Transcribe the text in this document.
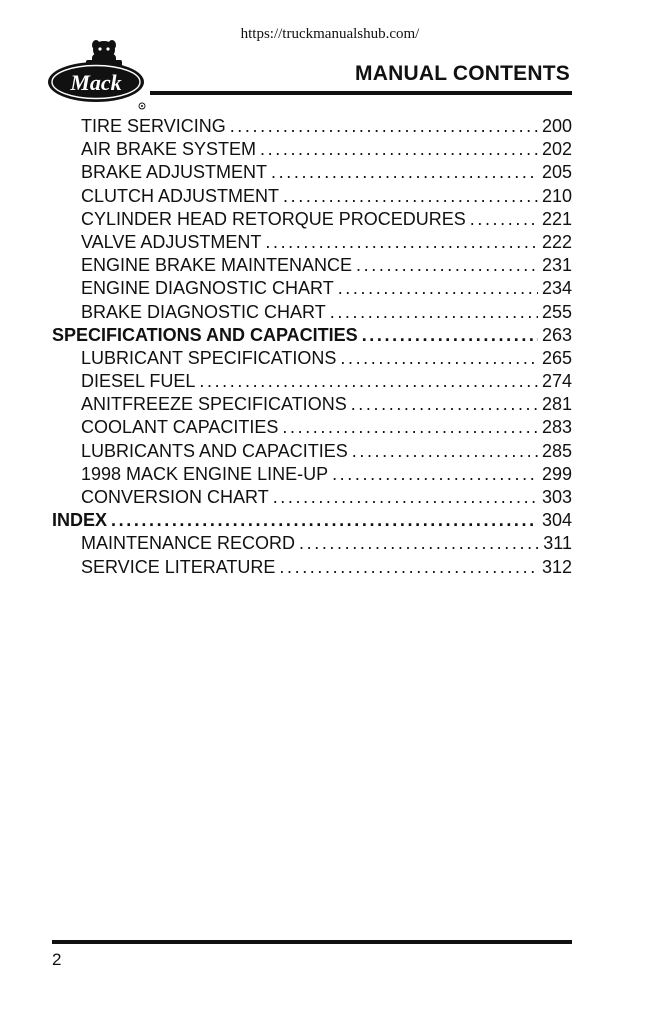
https://truckmanualshub.com/
Mack	MANUAL CONTENTS
TIRE SERVICING . . .	200
AIR BRAKE SYSTEM . . .	202
BRAKE ADJUSTMENT . . .	205
CLUTCH ADJUSTMENT . . .	210
CYLINDER HEAD RETORQUE PROCEDURES . . .	221
VALVE ADJUSTMENT . . .	222
ENGINE BRAKE MAINTENANCE . . .	231
ENGINE DIAGNOSTIC CHART . . .	234
BRAKE DIAGNOSTIC CHART . . .	255
SPECIFICATIONS AND CAPACITIES . . .	263
LUBRICANT SPECIFICATIONS . . .	265
DIESEL FUEL . . .	274
ANITFREEZE SPECIFICATIONS . . .	281
COOLANT CAPACITIES . . .	283
LUBRICANTS AND CAPACITIES . . .	285
1998 MACK ENGINE LINE-UP . . .	299
CONVERSION CHART . . .	303
INDEX . . .	304
MAINTENANCE RECORD . . .	311
SERVICE LITERATURE . . .	312
2
